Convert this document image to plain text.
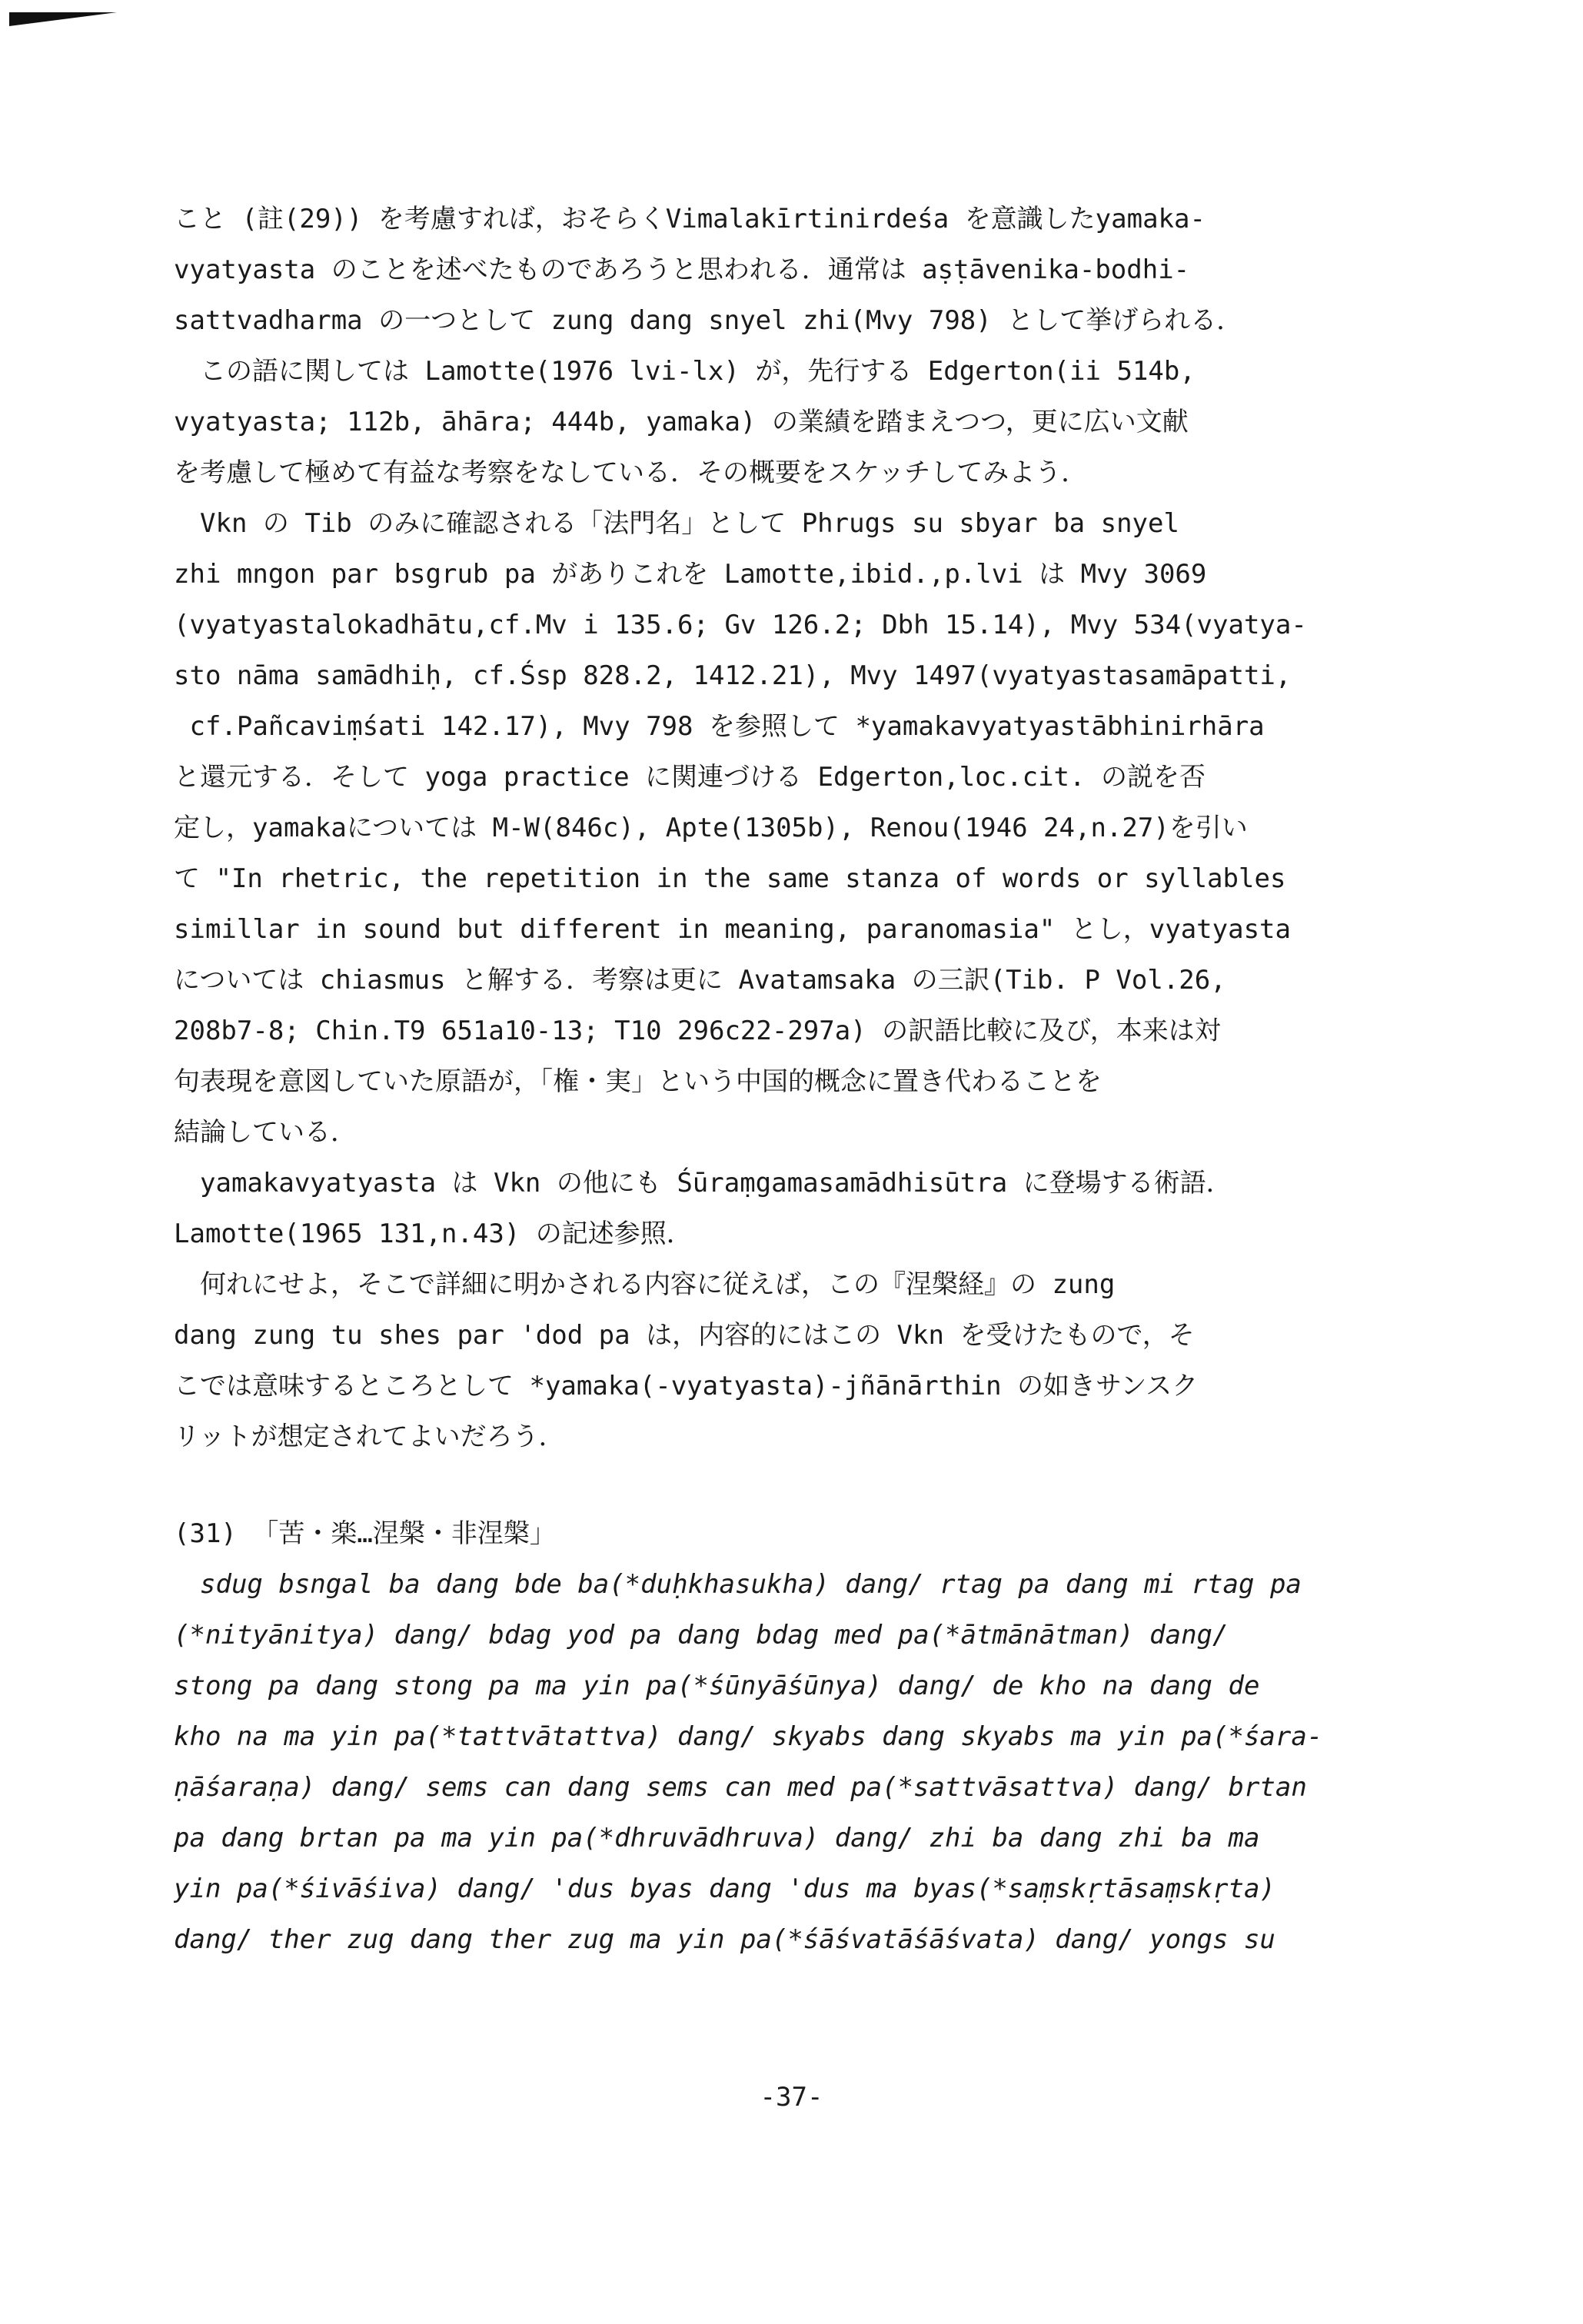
こと (註(29)) を考慮すれば，おそらくVimalakīrtinirdeśa を意識したyamaka-
vyatyasta のことを述べたものであろうと思われる．通常は aṣṭāvenika-bodhi-
sattvadharma の一つとして zung dang snyel zhi(Mvy 798) として挙げられる．
　この語に関しては Lamotte(1976 lvi-lx) が，先行する Edgerton(ii 514b,
vyatyasta; 112b, āhāra; 444b, yamaka) の業績を踏まえつつ，更に広い文献
を考慮して極めて有益な考察をなしている．その概要をスケッチしてみよう．
　Vkn の Tib のみに確認される「法門名」として Phrugs su sbyar ba snyel
zhi mngon par bsgrub pa がありこれを Lamotte,ibid.,p.lvi は Mvy 3069
(vyatyastalokadhātu,cf.Mv i 135.6; Gv 126.2; Dbh 15.14), Mvy 534(vyatya-
sto nāma samādhiḥ, cf.Śsp 828.2, 1412.21), Mvy 1497(vyatyastasamāpatti,
cf.Pañcaviṃśati 142.17), Mvy 798 を参照して *yamakavyatyastābhinirhāra
と還元する．そして yoga practice に関連づける Edgerton,loc.cit. の説を否
定し，yamakaについては M-W(846c), Apte(1305b), Renou(1946 24,n.27)を引い
て "In rhetric, the repetition in the same stanza of words or syllables
simillar in sound but different in meaning, paranomasia" とし，vyatyasta
については chiasmus と解する．考察は更に Avatamsaka の三訳(Tib. P Vol.26,
208b7-8; Chin.T9 651a10-13; T10 296c22-297a) の訳語比較に及び，本来は対
句表現を意図していた原語が，「権・実」という中国的概念に置き代わることを
結論している．
　yamakavyatyasta は Vkn の他にも Śūraṃgamasamādhisūtra に登場する術語．
Lamotte(1965 131,n.43) の記述参照．
　何れにせよ，そこで詳細に明かされる内容に従えば，この『涅槃経』の zung
dang zung tu shes par 'dod pa は，内容的にはこの Vkn を受けたもので，そ
こでは意味するところとして *yamaka(-vyatyasta)-jñānārthin の如きサンスク
リットが想定されてよいだろう．
(31) 「苦・楽…涅槃・非涅槃」
　sdug bsngal ba dang bde ba(*duḥkhasukha) dang/ rtag pa dang mi rtag pa
(*nityānitya) dang/ bdag yod pa dang bdag med pa(*ātmānātman) dang/
stong pa dang stong pa ma yin pa(*śūnyāśūnya) dang/ de kho na dang de
kho na ma yin pa(*tattvātattva) dang/ skyabs dang skyabs ma yin pa(*śara-
ṇāśaraṇa) dang/ sems can dang sems can med pa(*sattvāsattva) dang/ brtan
pa dang brtan pa ma yin pa(*dhruvādhruva) dang/ zhi ba dang zhi ba ma
yin pa(*śivāśiva) dang/ 'dus byas dang 'dus ma byas(*saṃskṛtāsaṃskṛta)
dang/ ther zug dang ther zug ma yin pa(*śāśvatāśāśvata) dang/ yongs su
-37-
